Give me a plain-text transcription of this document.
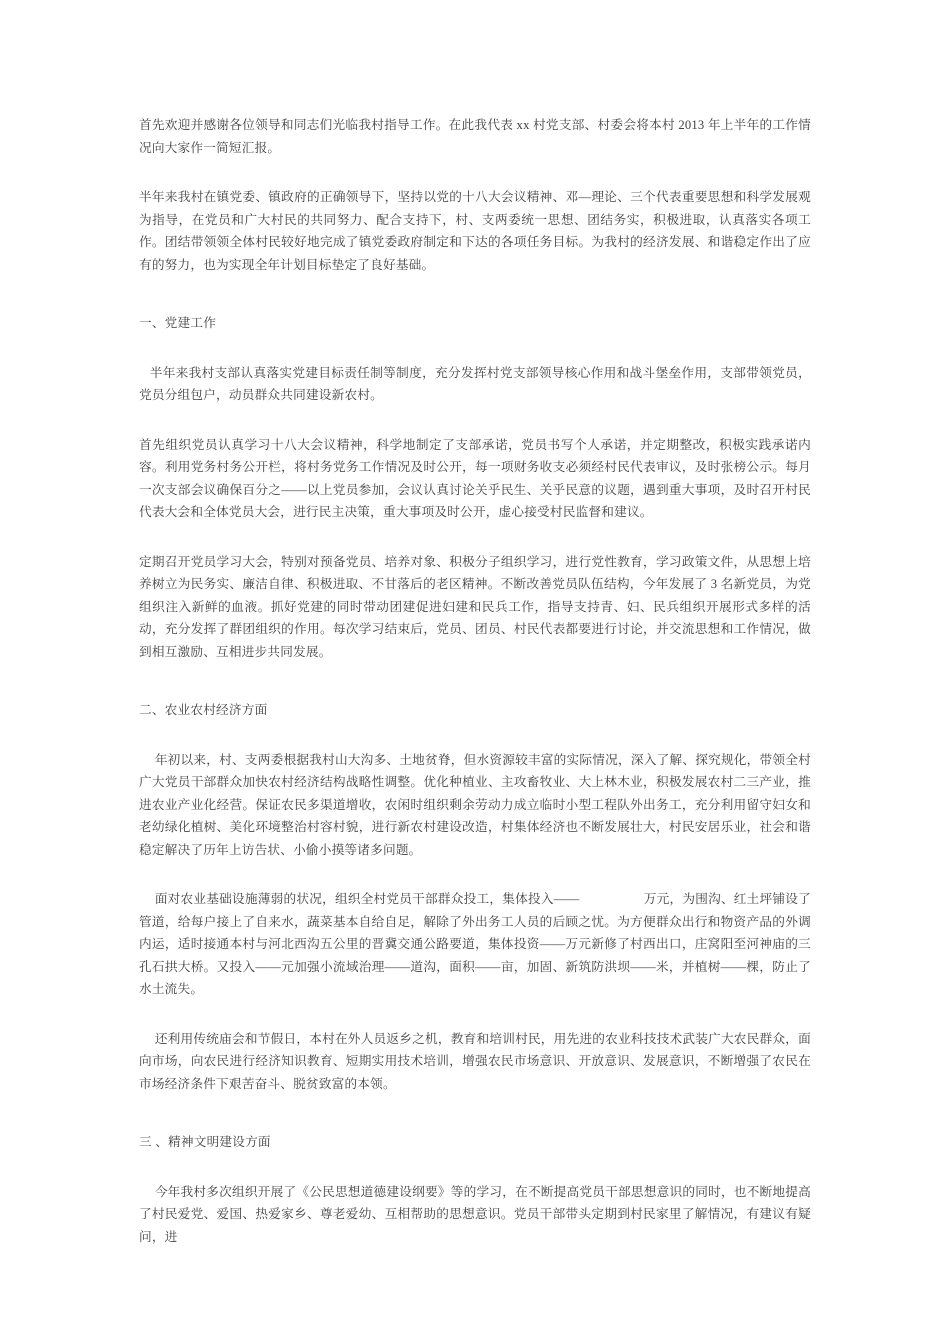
首先欢迎并感谢各位领导和同志们光临我村指导工作。在此我代表 xx 村党支部、村委会将本村 2013 年上半年的工作情况向大家作一简短汇报。

半年来我村在镇党委、镇政府的正确领导下，坚持以党的十八大会议精神、邓—理论、三个代表重要思想和科学发展观为指导，在党员和广大村民的共同努力、配合支持下，村、支两委统一思想、团结务实，积极进取，认真落实各项工作。团结带领领全体村民较好地完成了镇党委政府制定和下达的各项任务目标。为我村的经济发展、和谐稳定作出了应有的努力，也为实现全年计划目标垫定了良好基础。

一、党建工作

半年来我村支部认真落实党建目标责任制等制度，充分发挥村党支部领导核心作用和战斗堡垒作用，支部带领党员，党员分组包户，动员群众共同建设新农村。

首先组织党员认真学习十八大会议精神，科学地制定了支部承诺，党员书写个人承诺，并定期整改，积极实践承诺内容。利用党务村务公开栏，将村务党务工作情况及时公开，每一项财务收支必须经村民代表审议，及时张榜公示。每月一次支部会议确保百分之——以上党员参加，会议认真讨论关乎民生、关乎民意的议题，遇到重大事项，及时召开村民代表大会和全体党员大会，进行民主决策，重大事项及时公开，虚心接受村民监督和建议。

定期召开党员学习大会，特别对预备党员、培养对象、积极分子组织学习，进行党性教育，学习政策文件，从思想上培养树立为民务实、廉洁自律、积极进取、不甘落后的老区精神。不断改善党员队伍结构，今年发展了 3 名新党员，为党组织注入新鲜的血液。抓好党建的同时带动团建促进妇建和民兵工作，指导支持青、妇、民兵组织开展形式多样的活动，充分发挥了群团组织的作用。每次学习结束后，党员、团员、村民代表都要进行讨论，并交流思想和工作情况，做到相互激励、互相进步共同发展。

二、农业农村经济方面

年初以来，村、支两委根据我村山大沟多、土地贫脊，但水资源较丰富的实际情况，深入了解、探究规化，带领全村广大党员干部群众加快农村经济结构战略性调整。优化种植业、主攻畜牧业、大上林木业，积极发展农村二三产业，推进农业产业化经营。保证农民多渠道增收，农闲时组织剩余劳动力成立临时小型工程队外出务工，充分利用留守妇女和老幼绿化植树、美化环境整治村容村貌，进行新农村建设改造，村集体经济也不断发展壮大，村民安居乐业，社会和谐稳定解决了历年上访告状、小偷小摸等诸多问题。

面对农业基础设施薄弱的状况，组织全村党员干部群众投工，集体投入——　　　　　万元，为围沟、红土坪铺设了管道，给每户接上了自来水，蔬菜基本自给自足，解除了外出务工人员的后顾之忧。为方便群众出行和物资产品的外调内运，适时接通本村与河北西沟五公里的晋冀交通公路要道，集体投资——万元新修了村西出口，庄窝阳至河神庙的三孔石拱大桥。又投入——元加强小流域治理——道沟，面积——亩，加固、新筑防洪坝——米，并植树——棵，防止了水土流失。

还利用传统庙会和节假日，本村在外人员返乡之机，教育和培训村民，用先进的农业科技技术武装广大农民群众，面向市场，向农民进行经济知识教育、短期实用技术培训，增强农民市场意识、开放意识、发展意识，不断增强了农民在市场经济条件下艰苦奋斗、脱贫致富的本领。

三 、精神文明建设方面

今年我村多次组织开展了《公民思想道德建设纲要》等的学习，在不断提高党员干部思想意识的同时，也不断地提高了村民爱党、爱国、热爱家乡、尊老爱幼、互相帮助的思想意识。党员干部带头定期到村民家里了解情况，有建议有疑问，进
